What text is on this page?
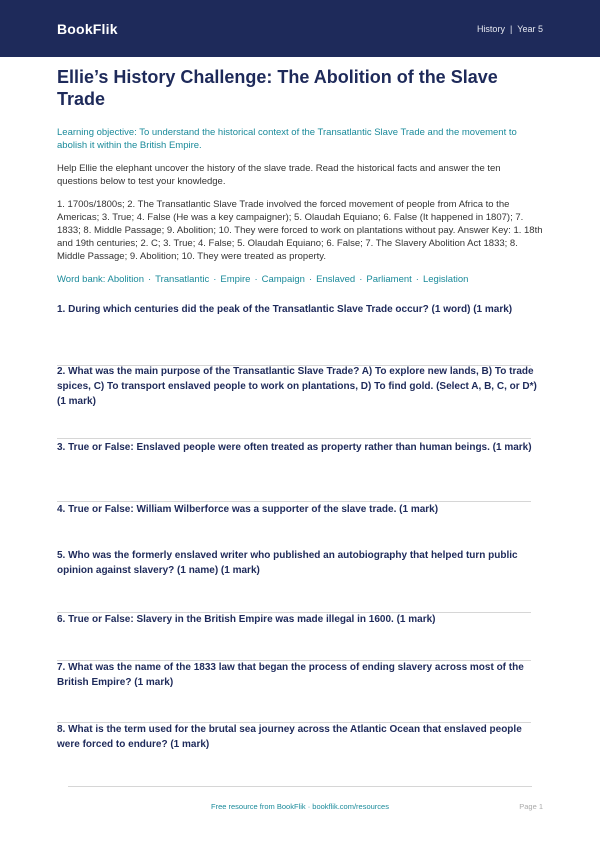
BookFlik	History | Year 5
Ellie’s History Challenge: The Abolition of the Slave Trade

Learning objective: To understand the historical context of the Transatlantic Slave Trade and the movement to abolish it within the British Empire.

Help Ellie the elephant uncover the history of the slave trade. Read the historical facts and answer the ten questions below to test your knowledge.

1. 1700s/1800s; 2. The Transatlantic Slave Trade involved the forced movement of people from Africa to the Americas; 3. True; 4. False (He was a key campaigner); 5. Olaudah Equiano; 6. False (It happened in 1807); 7. 1833; 8. Middle Passage; 9. Abolition; 10. They were forced to work on plantations without pay. Answer Key: 1. 18th and 19th centuries; 2. C; 3. True; 4. False; 5. Olaudah Equiano; 6. False; 7. The Slavery Abolition Act 1833; 8. Middle Passage; 9. Abolition; 10. They were treated as property.

Word bank: Abolition · Transatlantic · Empire · Campaign · Enslaved · Parliament · Legislation

1. During which centuries did the peak of the Transatlantic Slave Trade occur? (1 word) (1 mark)
2. What was the main purpose of the Transatlantic Slave Trade? A) To explore new lands, B) To trade spices, C) To transport enslaved people to work on plantations, D) To find gold. (Select A, B, C, or D*) (1 mark)
3. True or False: Enslaved people were often treated as property rather than human beings. (1 mark)
4. True or False: William Wilberforce was a supporter of the slave trade. (1 mark)
5. Who was the formerly enslaved writer who published an autobiography that helped turn public opinion against slavery? (1 name) (1 mark)
6. True or False: Slavery in the British Empire was made illegal in 1600. (1 mark)
7. What was the name of the 1833 law that began the process of ending slavery across most of the British Empire? (1 mark)
8. What is the term used for the brutal sea journey across the Atlantic Ocean that enslaved people were forced to endure? (1 mark)
Free resource from BookFlik · bookflik.com/resources	Page 1
